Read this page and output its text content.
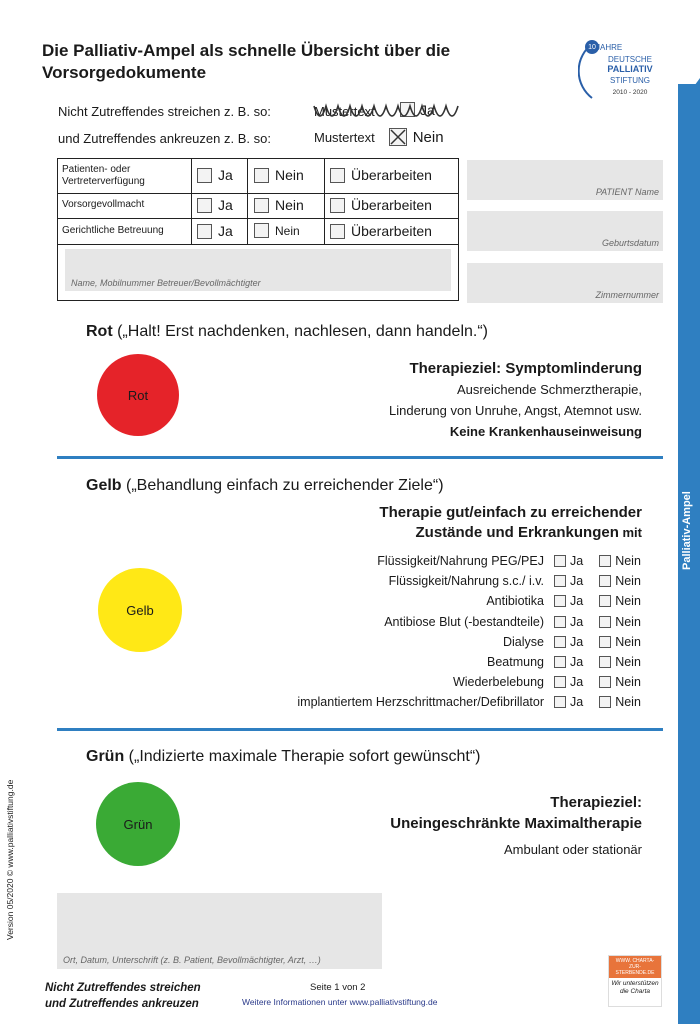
Die Palliativ-Ampel als schnelle Übersicht über die Vorsorgedokumente
10 JAHRE
DEUTSCHE
PALLIATIV
STIFTUNG
2010 - 2020
Nicht Zutreffendes streichen z. B. so:	Mustertext	Ja
und Zutreffendes ankreuzen z. B. so:	Mustertext	Nein
Patienten- oder Vertreterverfügung	Ja	Nein	Überarbeiten
Vorsorgevollmacht	Ja	Nein	Überarbeiten
Gerichtliche Betreuung	Ja	Nein	Überarbeiten
Name, Mobilnummer Betreuer/Bevollmächtigter
PATIENT Name
Geburtsdatum
Zimmernummer
Rot („Halt! Erst nachdenken, nachlesen, dann handeln.“)
Rot
Therapieziel: Symptomlinderung
Ausreichende Schmerztherapie,
Linderung von Unruhe, Angst, Atemnot usw.
Keine Krankenhauseinweisung
Gelb („Behandlung einfach zu erreichender Ziele“)
Therapie gut/einfach zu erreichender
Zustände und Erkrankungen mit
Gelb
Flüssigkeit/Nahrung PEG/PEJ Ja	Nein
Flüssigkeit/Nahrung s.c./ i.v. Ja	Nein
Antibiotika Ja	Nein
Antibiose Blut (-bestandteile) Ja	Nein
Dialyse Ja	Nein
Beatmung Ja	Nein
Wiederbelebung Ja	Nein
implantiertem Herzschrittmacher/Defibrillator Ja	Nein
Grün („Indizierte maximale Therapie sofort gewünscht“)
Grün
Therapieziel:
Uneingeschränkte Maximaltherapie
Ambulant oder stationär
Ort, Datum, Unterschrift (z. B. Patient, Bevollmächtigter, Arzt, …)
Nicht Zutreffendes streichen
und Zutreffendes ankreuzen
Seite 1 von 2
Weitere Informationen unter www.palliativstiftung.de
Version 05/2020 © www.palliativstiftung.de
WWW. CHARTA-ZUR- STERBENDE.DE
Wir unterstützen die Charta
Palliativ-Ampel
